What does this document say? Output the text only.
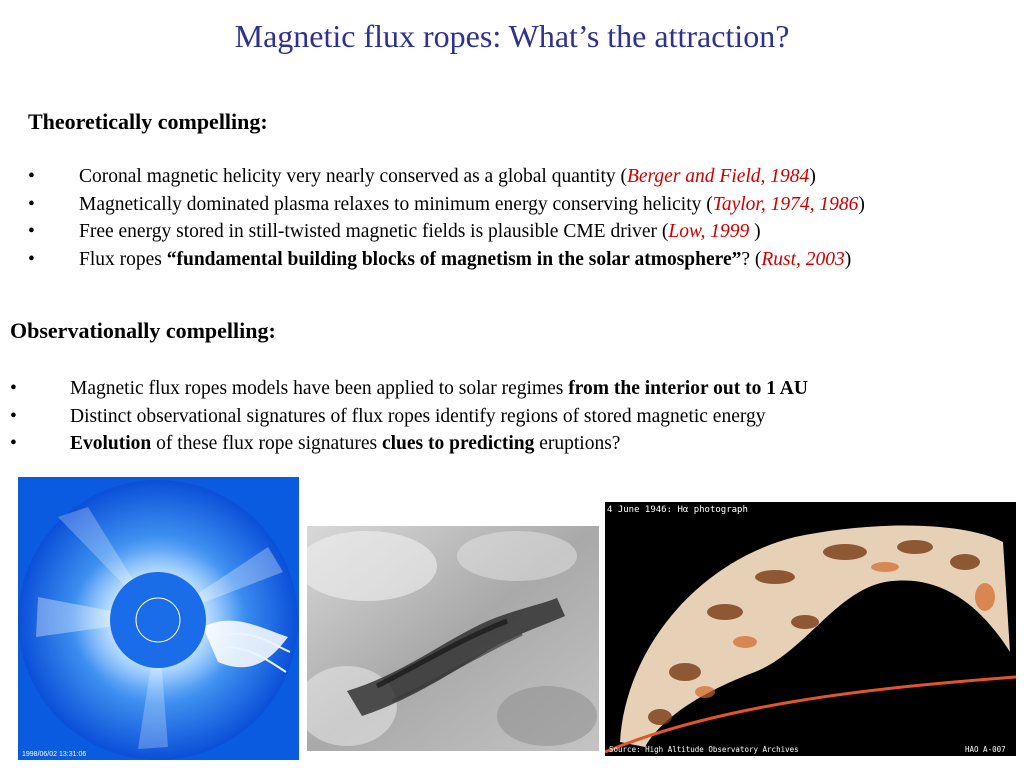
Magnetic flux ropes: What’s the attraction?
Theoretically compelling:
• Coronal magnetic helicity very nearly conserved as a global quantity (Berger and Field, 1984)
• Magnetically dominated plasma relaxes to minimum energy conserving helicity (Taylor, 1974, 1986)
• Free energy stored in still-twisted magnetic fields is plausible CME driver (Low, 1999 )
• Flux ropes “fundamental building blocks of magnetism in the solar atmosphere”? (Rust, 2003)
Observationally compelling:
•	Magnetic flux ropes models have been applied to solar regimes from the interior out to 1 AU
•	Distinct observational signatures of flux ropes identify regions of stored magnetic energy
•	Evolution of these flux rope signatures clues to predicting eruptions?
1998/06/02 13:31:06
4 June 1946: Hα photograph
Source: High Altitude Observatory Archives	HAO A-007
